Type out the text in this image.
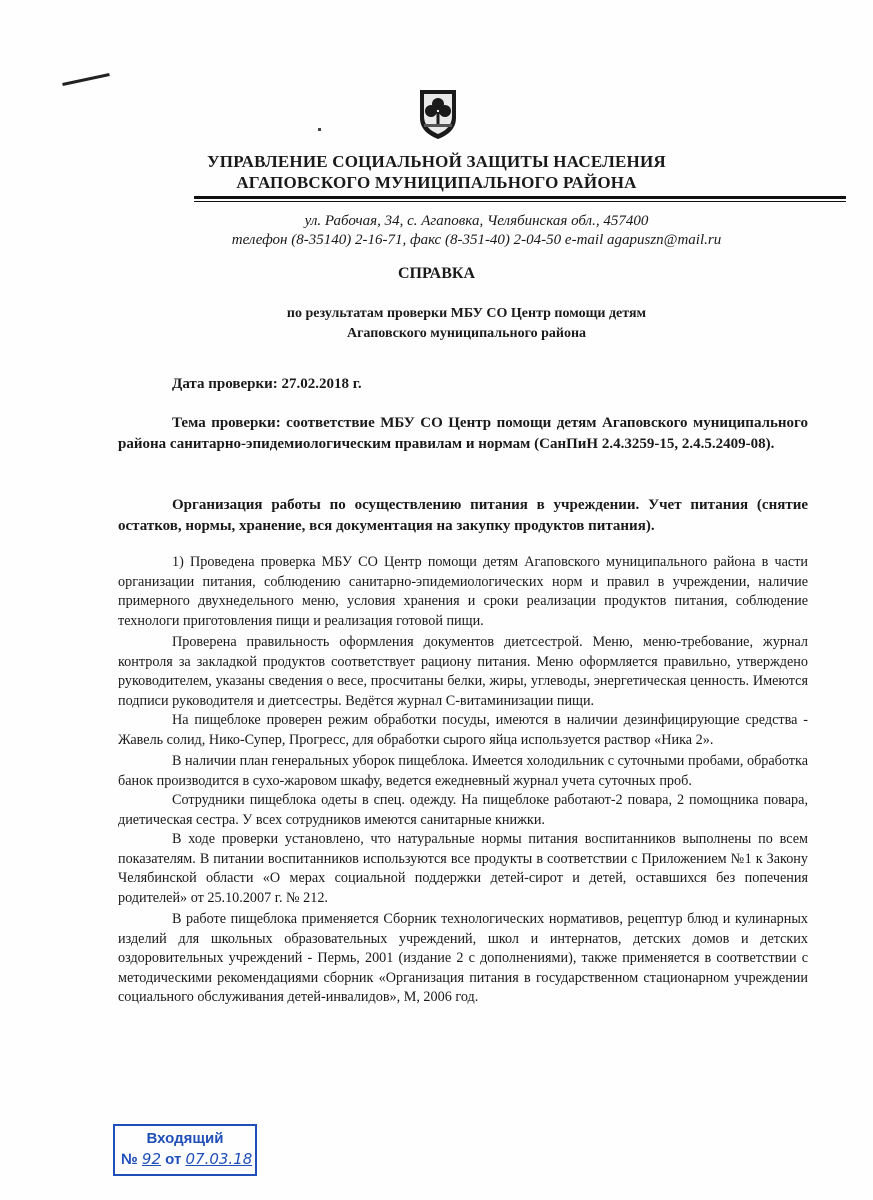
УПРАВЛЕНИЕ СОЦИАЛЬНОЙ ЗАЩИТЫ НАСЕЛЕНИЯ
АГАПОВСКОГО МУНИЦИПАЛЬНОГО РАЙОНА
ул. Рабочая, 34, с. Агаповка, Челябинская обл., 457400
телефон (8-35140) 2-16-71, факс (8-351-40) 2-04-50 e-mail agapuszn@mail.ru
СПРАВКА
по результатам проверки МБУ СО Центр помощи детям
Агаповского муниципального района
Дата проверки: 27.02.2018 г.
Тема проверки: соответствие МБУ СО Центр помощи детям Агаповского муниципального района санитарно-эпидемиологическим правилам и нормам (СанПиН 2.4.3259-15, 2.4.5.2409-08).
Организация работы по осуществлению питания в учреждении. Учет питания (снятие остатков, нормы, хранение, вся документация на закупку продуктов питания).

1) Проведена проверка МБУ СО Центр помощи детям Агаповского муниципального района в части организации питания, соблюдению санитарно-эпидемиологических норм и правил в учреждении, наличие примерного двухнедельного меню, условия хранения и сроки реализации продуктов питания, соблюдение технологи приготовления пищи и реализация готовой пищи.

Проверена правильность оформления документов диетсестрой. Меню, меню-требование, журнал контроля за закладкой продуктов соответствует рациону питания. Меню оформляется правильно, утверждено руководителем, указаны сведения о весе, просчитаны белки, жиры, углеводы, энергетическая ценность. Имеются подписи руководителя и диетсестры. Ведётся журнал С-витаминизации пищи.

На пищеблоке проверен режим обработки посуды, имеются в наличии дезинфицирующие средства - Жавель солид, Нико-Супер, Прогресс, для обработки сырого яйца используется раствор «Ника 2».

В наличии план генеральных уборок пищеблока. Имеется холодильник с суточными пробами, обработка банок производится в сухо-жаровом шкафу, ведется ежедневный журнал учета суточных проб.

Сотрудники пищеблока одеты в спец. одежду. На пищеблоке работают-2 повара, 2 помощника повара, диетическая сестра. У всех сотрудников имеются санитарные книжки.

В ходе проверки установлено, что натуральные нормы питания воспитанников выполнены по всем показателям. В питании воспитанников используются все продукты в соответствии с Приложением №1 к Закону Челябинской области «О мерах социальной поддержки детей-сирот и детей, оставшихся без попечения родителей» от 25.10.2007 г. № 212.

В работе пищеблока применяется Сборник технологических нормативов, рецептур блюд и кулинарных изделий для школьных образовательных учреждений, школ и интернатов, детских домов и детских оздоровительных учреждений - Пермь, 2001 (издание 2 с дополнениями), также применяется в соответствии с методическими рекомендациями сборник «Организация питания в государственном стационарном учреждении социального обслуживания детей-инвалидов», М, 2006 год.

Входящий
№ 92 от 07.03.18
